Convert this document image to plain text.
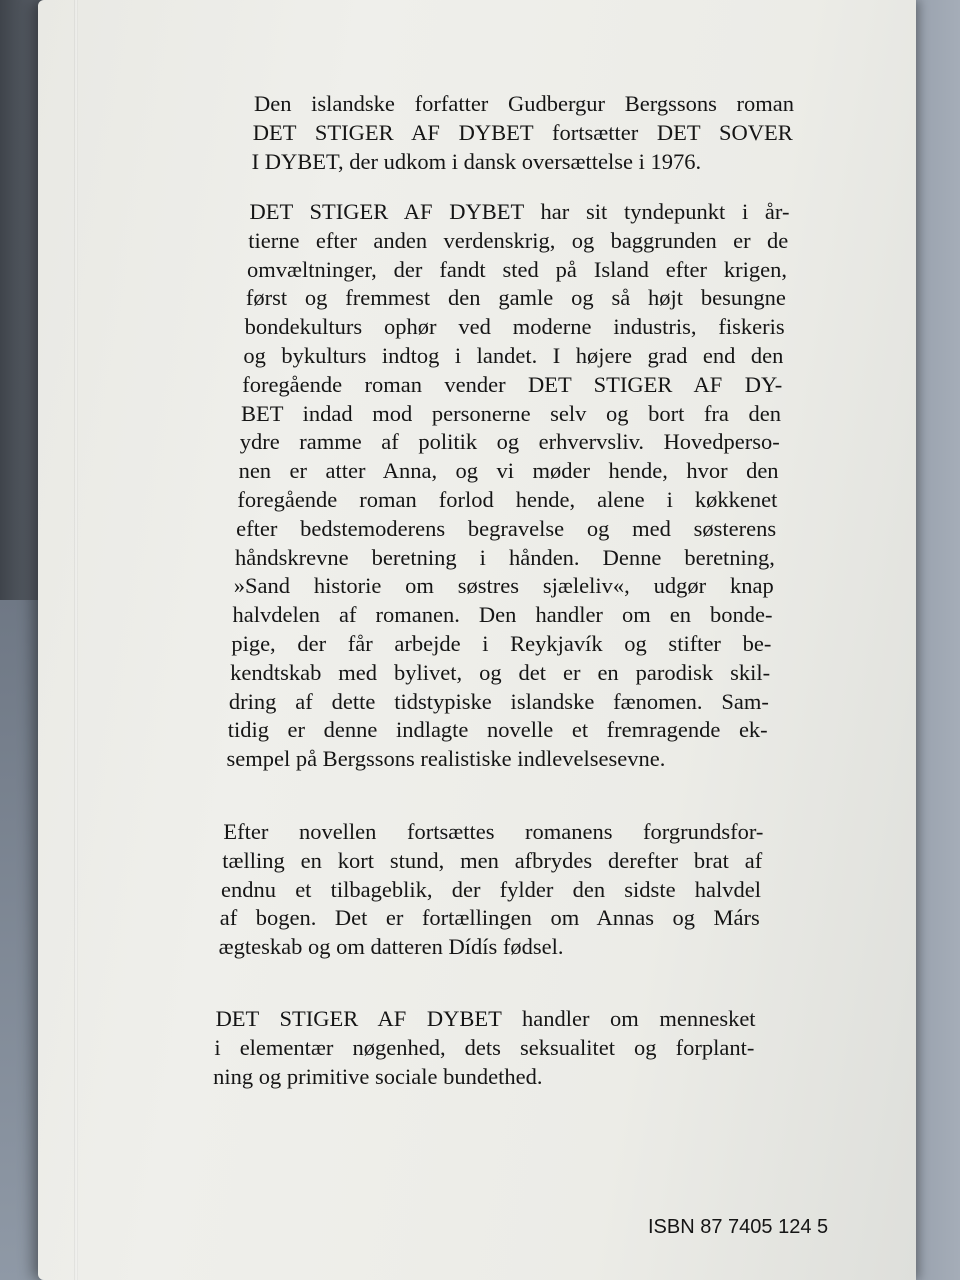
Den islandske forfatter Gudbergur Bergssons roman
DET STIGER AF DYBET fortsætter DET SOVER
I DYBET, der udkom i dansk oversættelse i 1976.
DET STIGER AF DYBET har sit tyndepunkt i år-
tierne efter anden verdenskrig, og baggrunden er de
omvæltninger, der fandt sted på Island efter krigen,
først og fremmest den gamle og så højt besungne
bondekulturs ophør ved moderne industris, fiskeris
og bykulturs indtog i landet. I højere grad end den
foregående roman vender DET STIGER AF DY-
BET indad mod personerne selv og bort fra den
ydre ramme af politik og erhvervsliv. Hovedperso-
nen er atter Anna, og vi møder hende, hvor den
foregående roman forlod hende, alene i køkkenet
efter bedstemoderens begravelse og med søsterens
håndskrevne beretning i hånden. Denne beretning,
»Sand historie om søstres sjæleliv«, udgør knap
halvdelen af romanen. Den handler om en bonde-
pige, der får arbejde i Reykjavík og stifter be-
kendtskab med bylivet, og det er en parodisk skil-
dring af dette tidstypiske islandske fænomen. Sam-
tidig er denne indlagte novelle et fremragende ek-
sempel på Bergssons realistiske indlevelsesevne.
Efter novellen fortsættes romanens forgrundsfor-
tælling en kort stund, men afbrydes derefter brat af
endnu et tilbageblik, der fylder den sidste halvdel
af bogen. Det er fortællingen om Annas og Márs
ægteskab og om datteren Dídís fødsel.
DET STIGER AF DYBET handler om mennesket
i elementær nøgenhed, dets seksualitet og forplant-
ning og primitive sociale bundethed.
ISBN 87 7405 124 5
